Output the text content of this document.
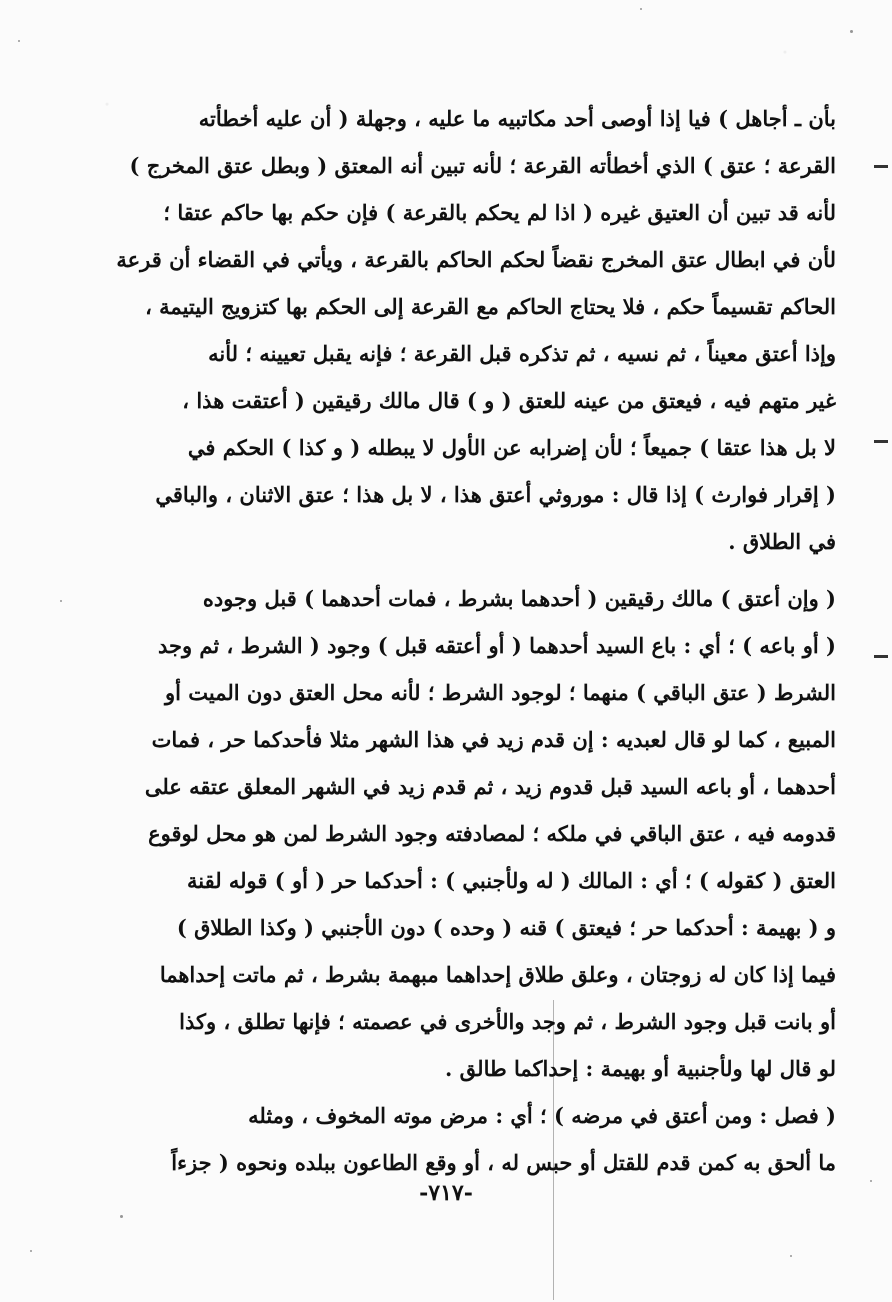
بأن ـ أجاهل ) فيا إذا أوصى أحد مكاتبيه ما عليه ، وجهلة ( أن عليه أخطأته
القرعة ؛ عتق ) الذي أخطأته القرعة ؛ لأنه تبين أنه المعتق ( وبطل عتق المخرج )
لأنه قد تبين أن العتيق غيره ( اذا لم يحكم بالقرعة ) فإن حكم بها حاكم عتقا ؛
لأن في ابطال عتق المخرج نقضاً لحكم الحاكم بالقرعة ، ويأتي في القضاء أن قرعة
الحاكم تقسيماً حكم ، فلا يحتاج الحاكم مع القرعة إلى الحكم بها كتزويج اليتيمة ،
وإذا أعتق معيناً ، ثم نسيه ، ثم تذكره قبل القرعة ؛ فإنه يقبل تعيينه ؛ لأنه
غير متهم فيه ، فيعتق من عينه للعتق ( و ) قال مالك رقيقين ( أعتقت هذا ،
لا بل هذا عتقا ) جميعاً ؛ لأن إضرابه عن الأول لا يبطله ( و كذا ) الحكم في
( إقرار فوارث ) إذا قال : موروثي أعتق هذا ، لا بل هذا ؛ عتق الاثنان ، والباقي
في الطلاق .
( وإن أعتق ) مالك رقيقين ( أحدهما بشرط ، فمات أحدهما ) قبل وجوده
( أو باعه ) ؛ أي : باع السيد أحدهما ( أو أعتقه قبل ) وجود ( الشرط ، ثم وجد
الشرط ( عتق الباقي ) منهما ؛ لوجود الشرط ؛ لأنه محل العتق دون الميت أو
المبيع ، كما لو قال لعبديه : إن قدم زيد في هذا الشهر مثلا فأحدكما حر ، فمات
أحدهما ، أو باعه السيد قبل قدوم زيد ، ثم قدم زيد في الشهر المعلق عتقه على
قدومه فيه ، عتق الباقي في ملكه ؛ لمصادفته وجود الشرط لمن هو محل لوقوع
العتق ( كقوله ) ؛ أي : المالك ( له ولأجنبي ) : أحدكما حر ( أو ) قوله لقنة
و ( بهيمة : أحدكما حر ؛ فيعتق ) قنه ( وحده ) دون الأجنبي ( وكذا الطلاق )
فيما إذا كان له زوجتان ، وعلق طلاق إحداهما مبهمة بشرط ، ثم ماتت إحداهما
أو بانت قبل وجود الشرط ، ثم وجد والأخرى في عصمته ؛ فإنها تطلق ، وكذا
لو قال لها ولأجنبية أو بهيمة : إحداكما طالق .
( فصل : ومن أعتق في مرضه ) ؛ أي : مرض موته المخوف ، ومثله
ما ألحق به كمن قدم للقتل أو حبس له ، أو وقع الطاعون ببلده ونحوه ( جزءاً
-٧١٧-
